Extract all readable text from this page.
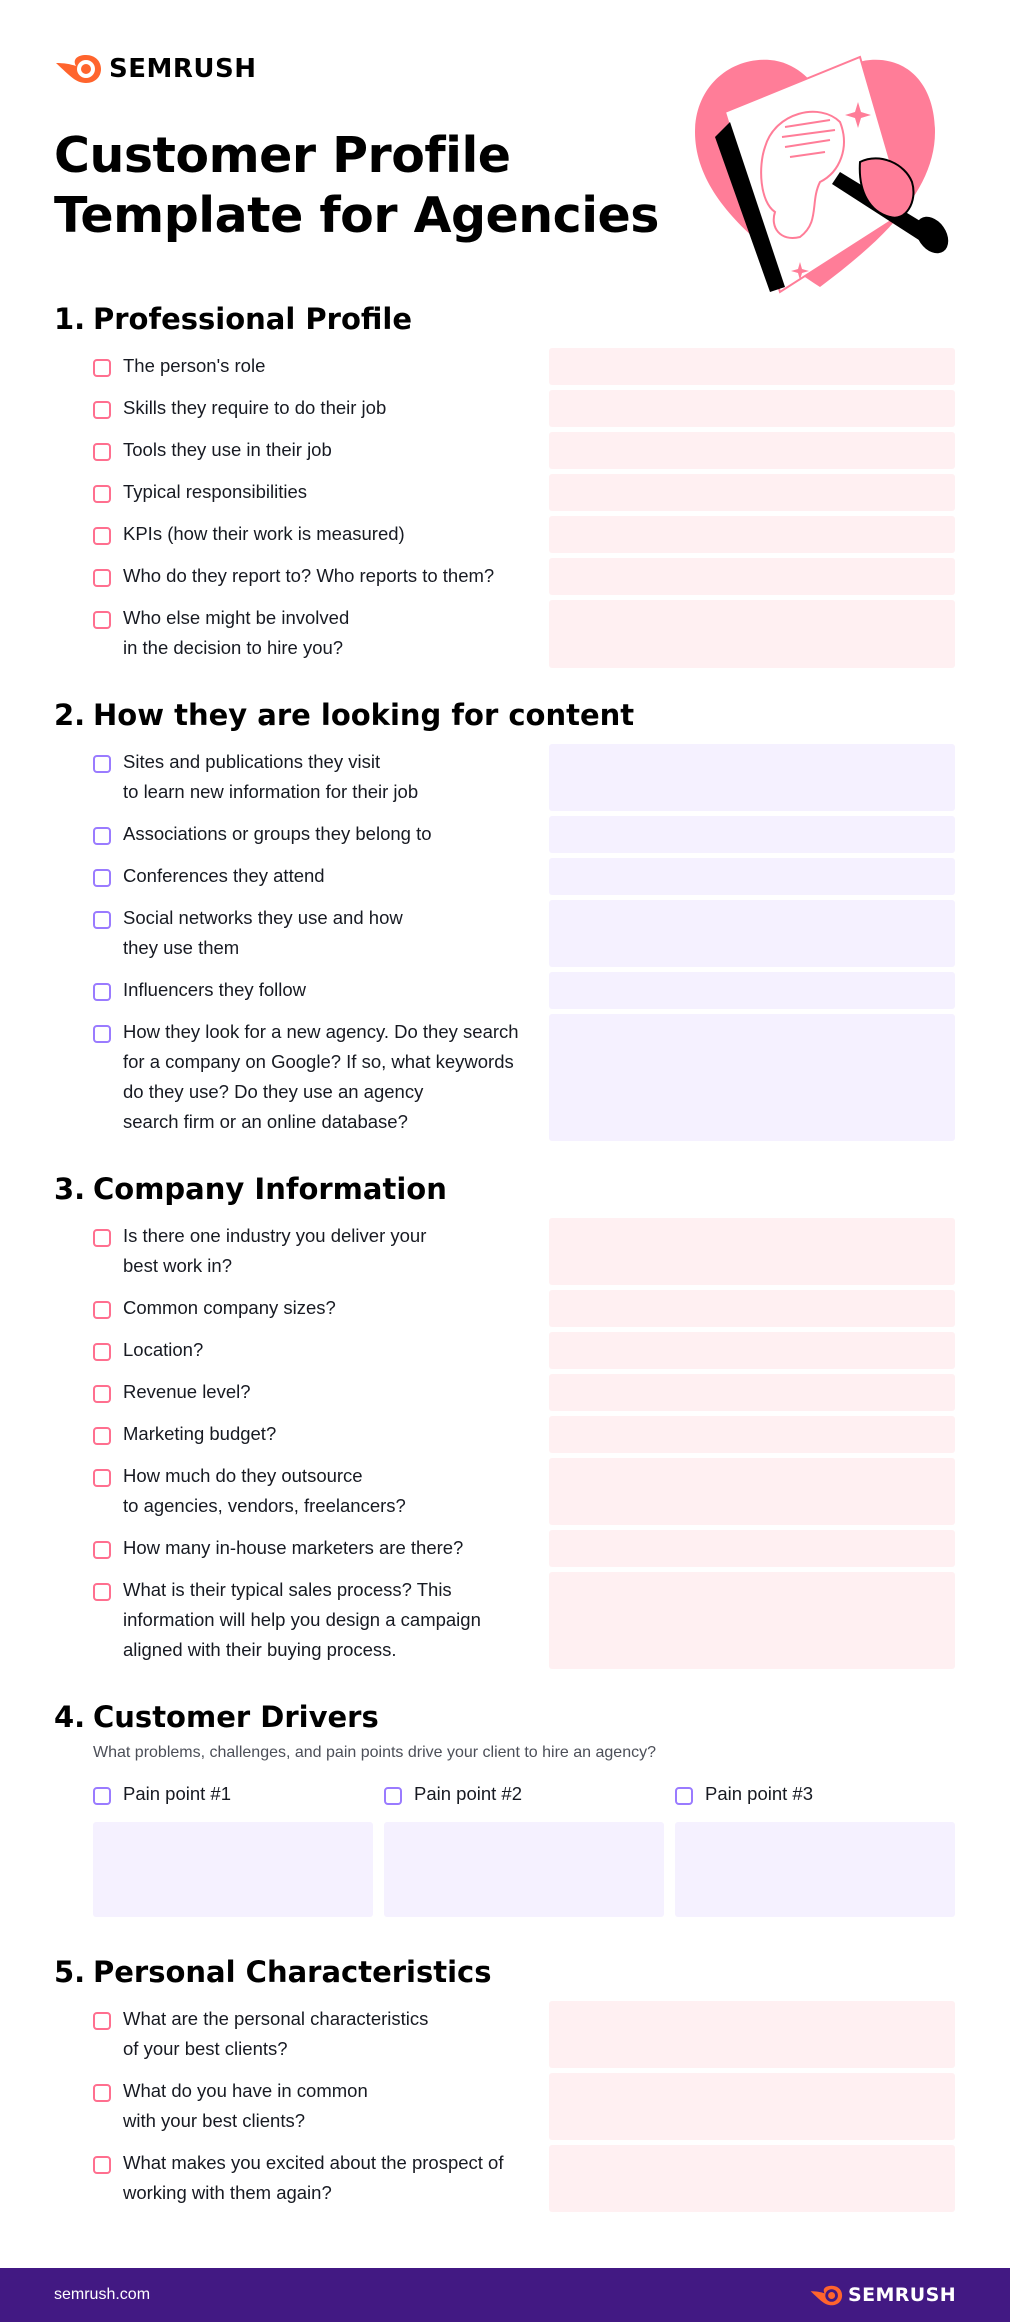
SEMRUSH
Customer Profile
Template for Agencies
1. Professional Profile
The person's role
Skills they require to do their job
Tools they use in their job
Typical responsibilities
KPIs (how their work is measured)
Who do they report to? Who reports to them?
Who else might be involved
in the decision to hire you?
2. How they are looking for content
Sites and publications they visit
to learn new information for their job
Associations or groups they belong to
Conferences they attend
Social networks they use and how
they use them
Influencers they follow
How they look for a new agency. Do they search
for a company on Google? If so, what keywords
do they use? Do they use an agency
search firm or an online database?
3. Company Information
Is there one industry you deliver your
best work in?
Common company sizes?
Location?
Revenue level?
Marketing budget?
How much do they outsource
to agencies, vendors, freelancers?
How many in-house marketers are there?
What is their typical sales process? This
information will help you design a campaign
aligned with their buying process.
4. Customer Drivers
What problems, challenges, and pain points drive your client to hire an agency?
Pain point #1	Pain point #2	Pain point #3
5. Personal Characteristics
What are the personal characteristics
of your best clients?
What do you have in common
with your best clients?
What makes you excited about the prospect of
working with them again?
semrush.com	SEMRUSH
